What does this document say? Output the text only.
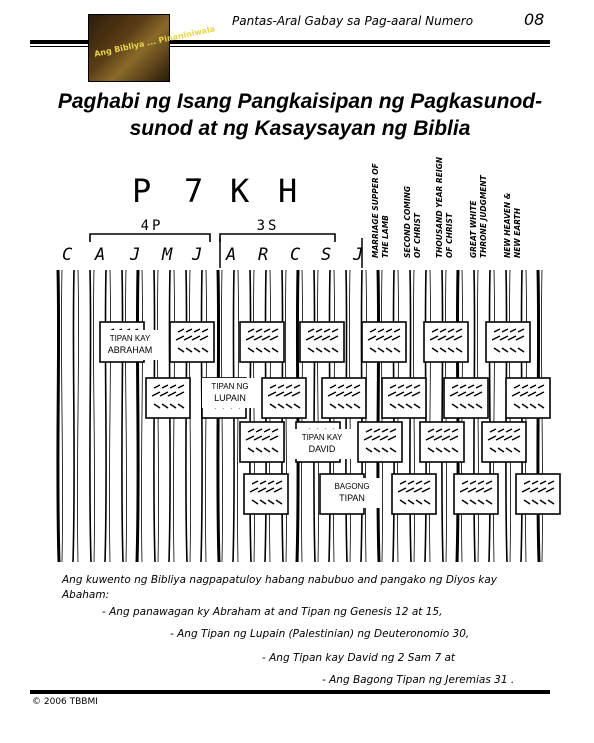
Pantas-Aral Gabay sa Pag-aaral Numero	08
Ang Bibliya ... Pinaniniwala
Paghabi ng Isang Pangkaisipan ng Pagkasunod-sunod at ng Kasaysayan ng Biblia
P 7 K H
4P	3S
C A J M J A R C S J MARRIAGE SUPPER OF THE LAMB SECOND COMING OF CHRIST THOUSAND YEAR REIGN OF CHRIST GREAT WHITE THRONE JUDGMENT NEW HEAVEN & NEW EARTH
TIPAN KAY
ABRAHAM
TIPAN NG
LUPAIN
TIPAN KAY
DAVID
BAGONG
TIPAN
Ang kuwento ng Bibliya nagpapatuloy habang nabubuo and pangako ng Diyos kay Abaham:
- Ang panawagan ky Abraham at and Tipan ng Genesis 12 at 15,
- Ang Tipan ng Lupain (Palestinian) ng Deuteronomio 30,
- Ang Tipan kay David ng 2 Sam 7 at
- Ang Bagong Tipan ng Jeremias 31 .
© 2006 TBBMI
